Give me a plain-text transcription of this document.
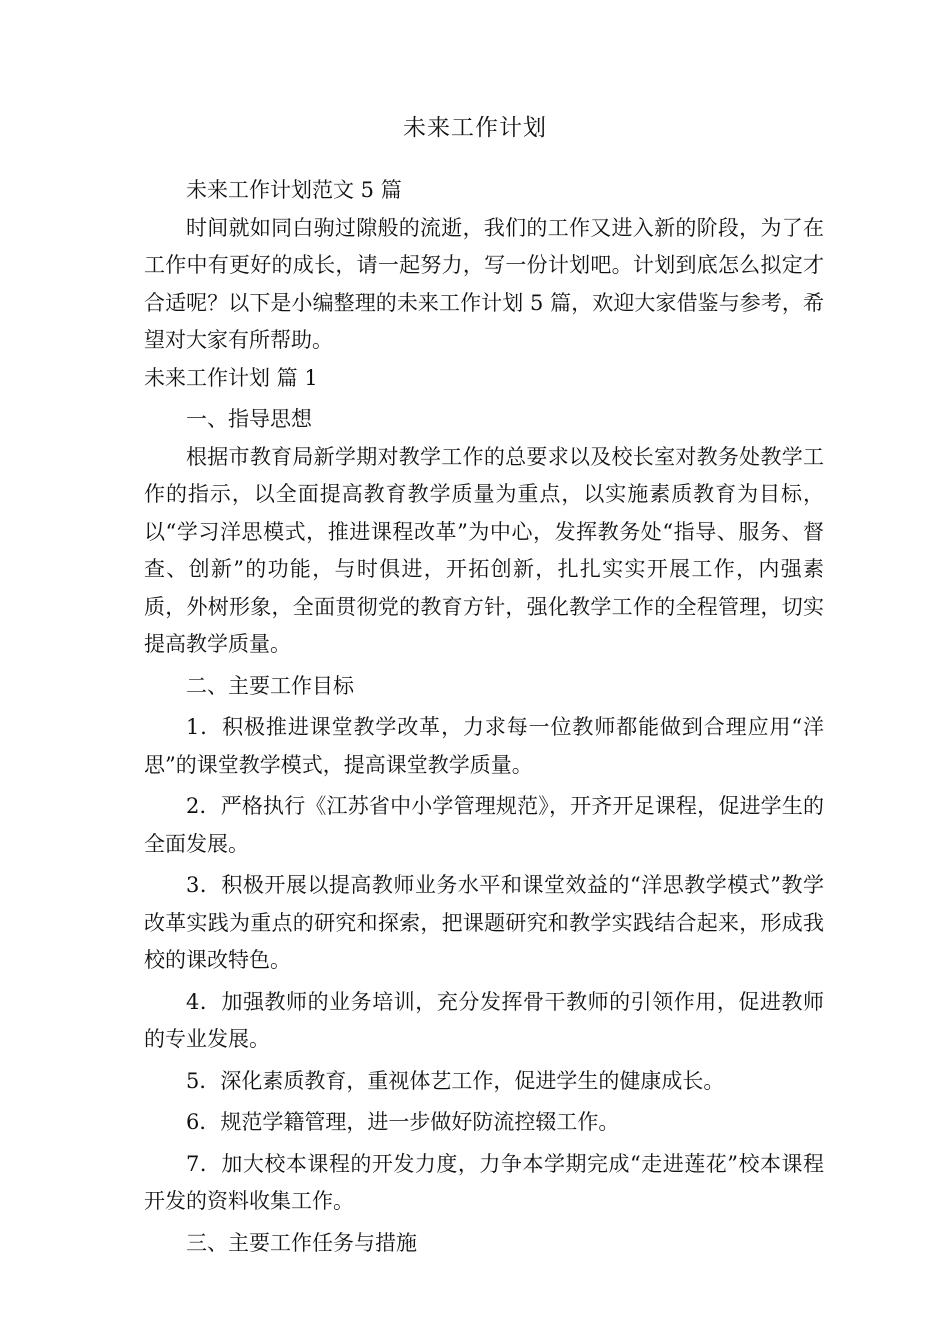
未来工作计划

未来工作计划范文 5 篇

时间就如同白驹过隙般的流逝，我们的工作又进入新的阶段，为了在工作中有更好的成长，请一起努力，写一份计划吧。计划到底怎么拟定才合适呢？以下是小编整理的未来工作计划 5 篇，欢迎大家借鉴与参考，希望对大家有所帮助。

未来工作计划 篇 1

一、指导思想

根据市教育局新学期对教学工作的总要求以及校长室对教务处教学工作的指示，以全面提高教育教学质量为重点，以实施素质教育为目标，以“学习洋思模式，推进课程改革”为中心，发挥教务处“指导、服务、督查、创新”的功能，与时俱进，开拓创新，扎扎实实开展工作，内强素质，外树形象，全面贯彻党的教育方针，强化教学工作的全程管理，切实提高教学质量。

二、主要工作目标

1．积极推进课堂教学改革，力求每一位教师都能做到合理应用“洋思”的课堂教学模式，提高课堂教学质量。

2．严格执行《江苏省中小学管理规范》，开齐开足课程，促进学生的全面发展。

3．积极开展以提高教师业务水平和课堂效益的“洋思教学模式”教学改革实践为重点的研究和探索，把课题研究和教学实践结合起来，形成我校的课改特色。

4．加强教师的业务培训，充分发挥骨干教师的引领作用，促进教师的专业发展。

5．深化素质教育，重视体艺工作，促进学生的健康成长。

6．规范学籍管理，进一步做好防流控辍工作。

7．加大校本课程的开发力度，力争本学期完成“走进莲花”校本课程开发的资料收集工作。

三、主要工作任务与措施
